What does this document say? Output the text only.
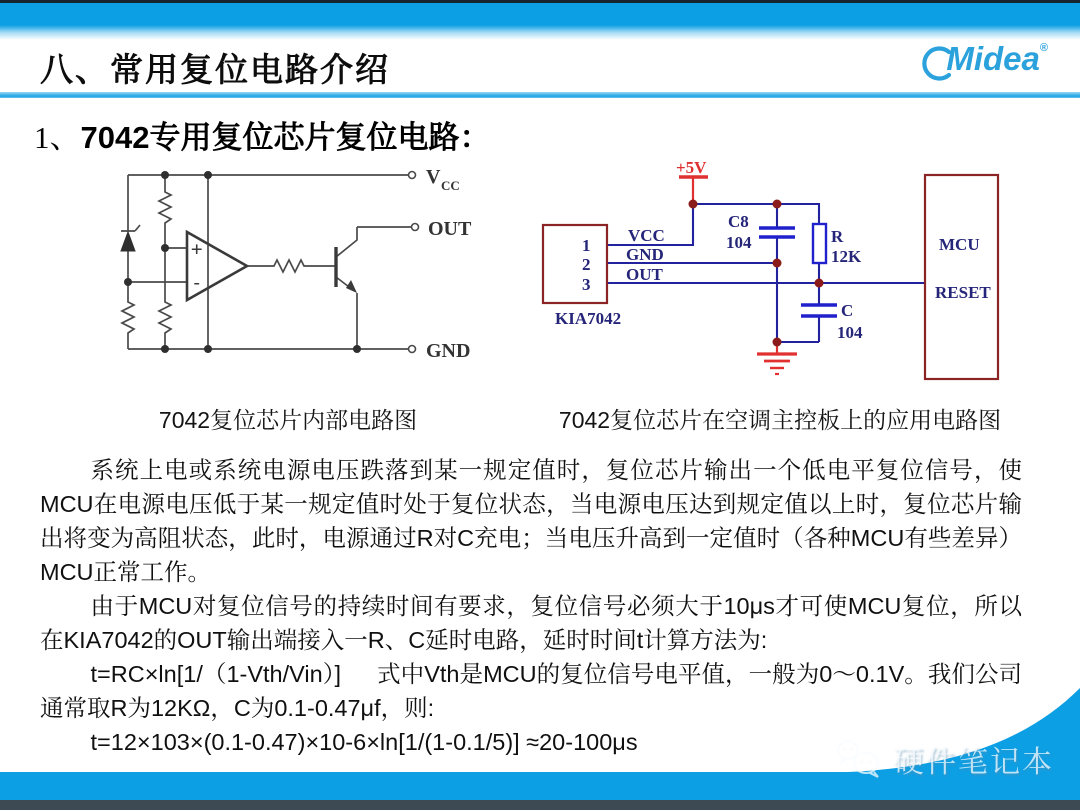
八、常用复位电路介绍	Midea ®
1、7042专用复位芯片复位电路：
+
-
V CC
OUT
GND
+5V
1
2
3
VCC
GND
OUT
KIA7042
C8
104	R
12K
C
104
MCU
RESET
7042复位芯片内部电路图	7042复位芯片在空调主控板上的应用电路图

系统上电或系统电源电压跌落到某一规定值时，复位芯片输出一个低电平复位信号，使MCU在电源电压低于某一规定值时处于复位状态，当电源电压达到规定值以上时，复位芯片输出将变为高阻状态，此时，电源通过R对C充电；当电压升高到一定值时（各种MCU有些差异）MCU正常工作。

由于MCU对复位信号的持续时间有要求，复位信号必须大于10μs才可使MCU复位，所以在KIA7042的OUT输出端接入一R、C延时电路，延时时间t计算方法为:

t=RC×ln[1/（1-Vth/Vin）] 式中Vth是MCU的复位信号电平值，一般为0～0.1V。我们公司通常取R为12KΩ，C为0.1-0.47μf，则:

t=12×103×(0.1-0.47)×10-6×ln[1/(1-0.1/5)] ≈20-100μs

硬件笔记本
